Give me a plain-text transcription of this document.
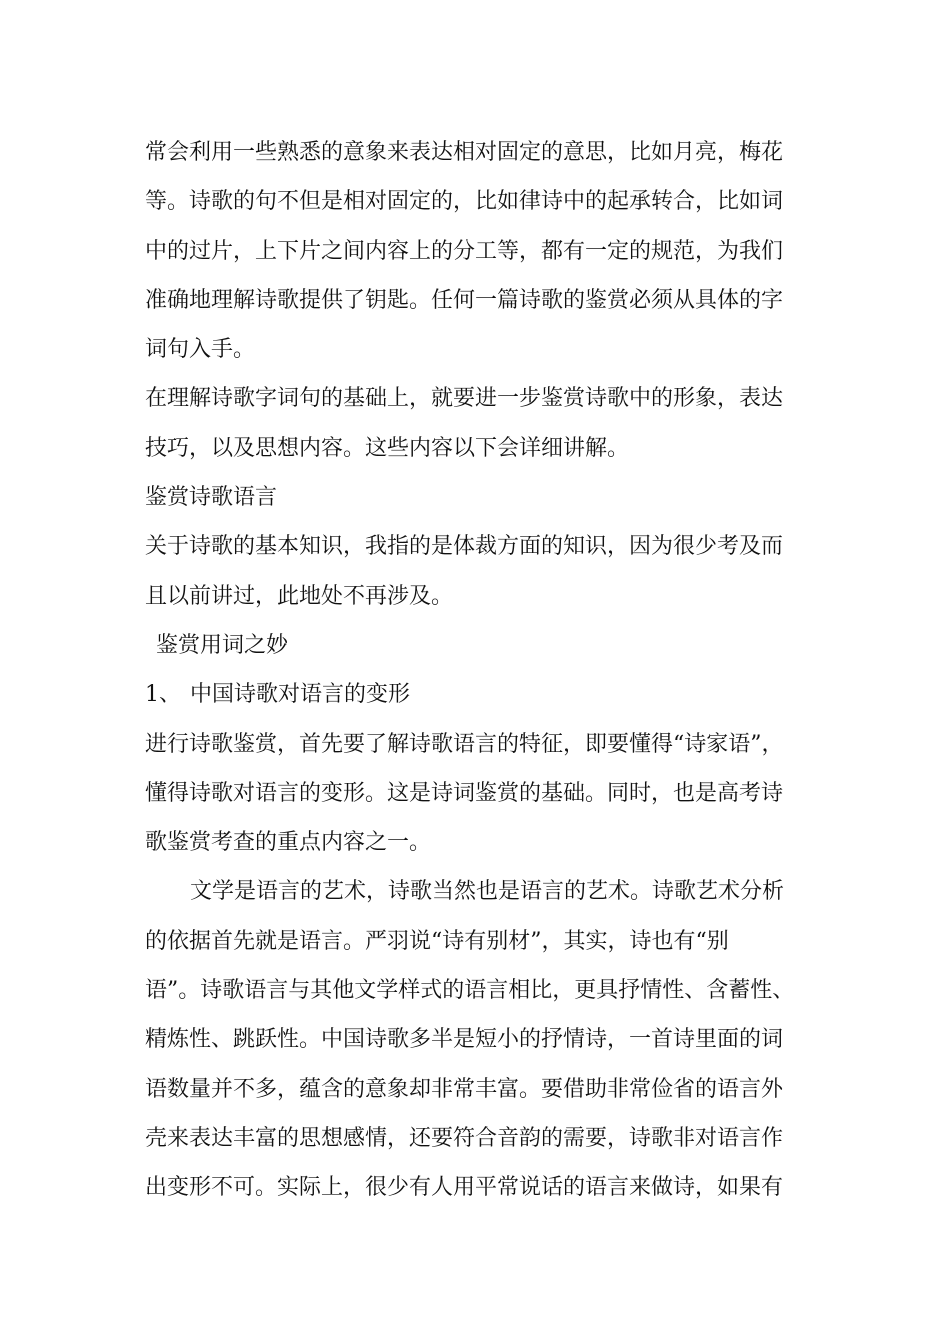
常会利用一些熟悉的意象来表达相对固定的意思，比如月亮，梅花
等。诗歌的句不但是相对固定的，比如律诗中的起承转合，比如词
中的过片，上下片之间内容上的分工等，都有一定的规范，为我们
准确地理解诗歌提供了钥匙。任何一篇诗歌的鉴赏必须从具体的字
词句入手。
在理解诗歌字词句的基础上，就要进一步鉴赏诗歌中的形象，表达
技巧，以及思想内容。这些内容以下会详细讲解。
鉴赏诗歌语言
关于诗歌的基本知识，我指的是体裁方面的知识，因为很少考及而
且以前讲过，此地处不再涉及。
鉴赏用词之妙
1、 中国诗歌对语言的变形
进行诗歌鉴赏，首先要了解诗歌语言的特征，即要懂得“诗家语”，
懂得诗歌对语言的变形。这是诗词鉴赏的基础。同时，也是高考诗
歌鉴赏考查的重点内容之一。
文学是语言的艺术，诗歌当然也是语言的艺术。诗歌艺术分析
的依据首先就是语言。严羽说“诗有别材”，其实，诗也有“别
语”。诗歌语言与其他文学样式的语言相比，更具抒情性、含蓄性、
精炼性、跳跃性。中国诗歌多半是短小的抒情诗，一首诗里面的词
语数量并不多，蕴含的意象却非常丰富。要借助非常俭省的语言外
壳来表达丰富的思想感情，还要符合音韵的需要，诗歌非对语言作
出变形不可。实际上，很少有人用平常说话的语言来做诗，如果有
